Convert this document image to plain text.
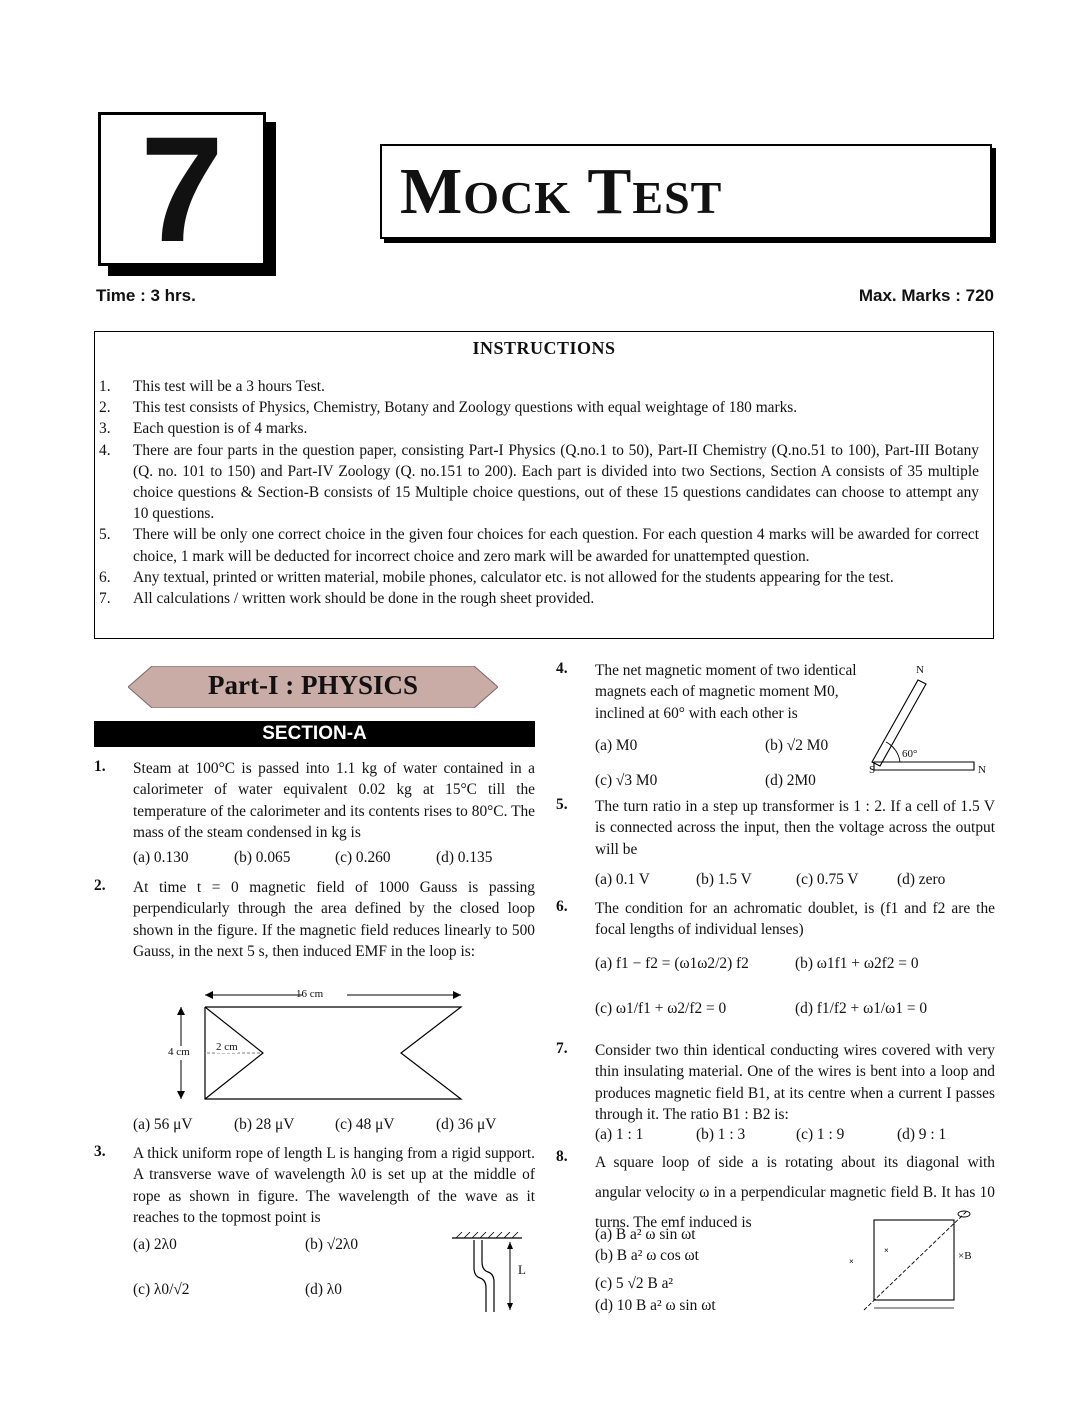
7	Mock Test
Time : 3 hrs.	Max. Marks : 720
INSTRUCTIONS
1. This test will be a 3 hours Test.
2. This test consists of Physics, Chemistry, Botany and Zoology questions with equal weightage of 180 marks.
3. Each question is of 4 marks.
4. There are four parts in the question paper, consisting Part-I Physics (Q.no.1 to 50), Part-II Chemistry (Q.no.51 to 100), Part-III Botany (Q. no. 101 to 150) and Part-IV Zoology (Q. no.151 to 200). Each part is divided into two Sections, Section A consists of 35 multiple choice questions & Section-B consists of 15 Multiple choice questions, out of these 15 questions candidates can choose to attempt any 10 questions.
5. There will be only one correct choice in the given four choices for each question. For each question 4 marks will be awarded for correct choice, 1 mark will be deducted for incorrect choice and zero mark will be awarded for unattempted question.
6. Any textual, printed or written material, mobile phones, calculator etc. is not allowed for the students appearing for the test.
7. All calculations / written work should be done in the rough sheet provided.
Part-I : PHYSICS
SECTION-A
1. Steam at 100°C is passed into 1.1 kg of water contained in a calorimeter of water equivalent 0.02 kg at 15°C till the temperature of the calorimeter and its contents rises to 80°C. The mass of the steam condensed in kg is
(a) 0.130	(b) 0.065	(c) 0.260	(d) 0.135
2. At time t = 0 magnetic field of 1000 Gauss is passing perpendicularly through the area defined by the closed loop shown in the figure. If the magnetic field reduces linearly to 500 Gauss, in the next 5 s, then induced EMF in the loop is:
16 cm
4 cm 2 cm
(a) 56 μV	(b) 28 μV	(c) 48 μV	(d) 36 μV
3. A thick uniform rope of length L is hanging from a rigid support. A transverse wave of wavelength λ0 is set up at the middle of rope as shown in figure. The wavelength of the wave as it reaches to the topmost point is
(a) 2λ0	(b) √2λ0
(c) λ0/√2	(d) λ0
L
4. The net magnetic moment of two identical magnets each of magnetic moment M0, inclined at 60° with each other is
(a) M0	(b) √2 M0
(c) √3 M0	(d) 2M0
N
S	N
60°
5. The turn ratio in a step up transformer is 1 : 2. If a cell of 1.5 V is connected across the input, then the voltage across the output will be
(a) 0.1 V	(b) 1.5 V	(c) 0.75 V (d) zero
6. The condition for an achromatic doublet, is (f1 and f2 are the focal lengths of individual lenses)
(a) f1 − f2 = (ω1ω2/2) f2	(b) ω1f1 + ω2f2 = 0
(c) ω1/f1 + ω2/f2 = 0	(d) f1/f2 + ω1/ω1 = 0
7. Consider two thin identical conducting wires covered with very thin insulating material. One of the wires is bent into a loop and produces magnetic field B1, at its centre when a current I passes through it. The ratio B1 : B2 is:
(a) 1 : 1	(b) 1 : 3	(c) 1 : 9	(d) 9 : 1
8. A square loop of side a is rotating about its diagonal with angular velocity ω in a perpendicular magnetic field B. It has 10 turns. The emf induced is
(a) B a² ω sin ωt
(b) B a² ω cos ωt
(c) 5 √2 B a²
(d) 10 B a² ω sin ωt
×
×	×B
